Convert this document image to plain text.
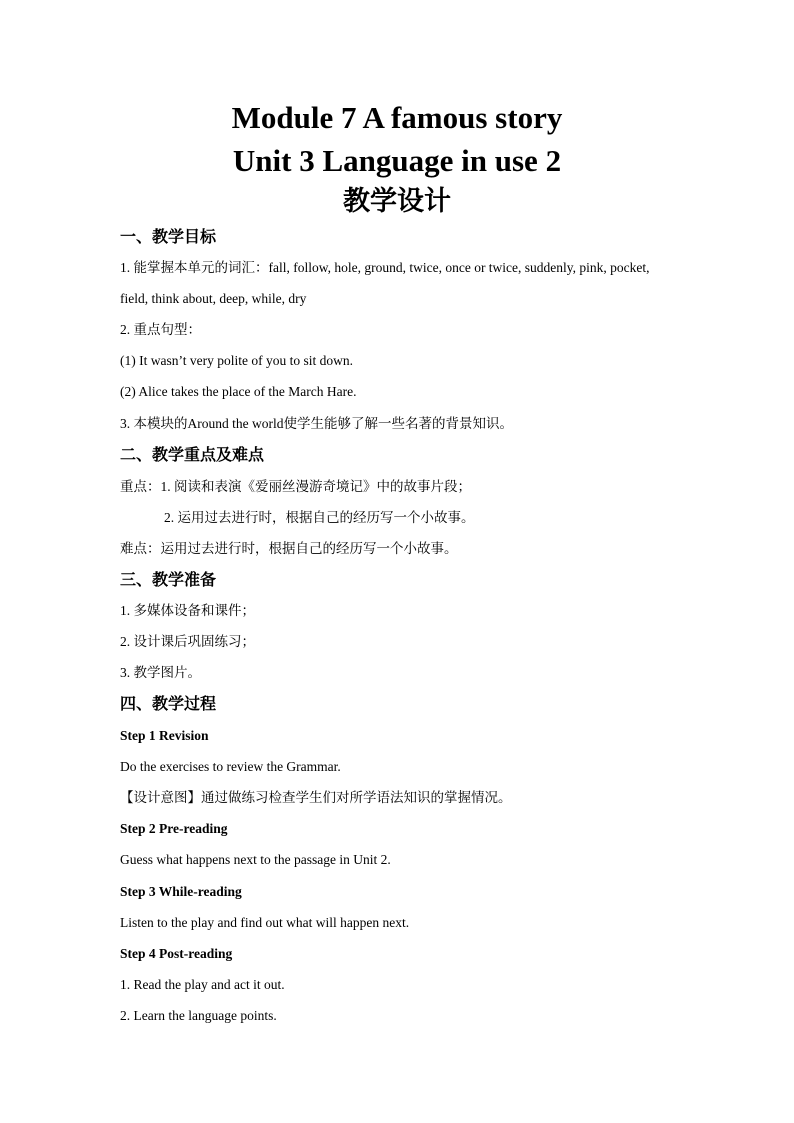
Module 7 A famous story
Unit 3 Language in use 2
教学设计
一、教学目标
1. 能掌握本单元的词汇：fall, follow, hole, ground, twice, once or twice, suddenly, pink, pocket,
field, think about, deep, while, dry
2. 重点句型：
(1) It wasn’t very polite of you to sit down.
(2) Alice takes the place of the March Hare.
3. 本模块的Around the world使学生能够了解一些名著的背景知识。
二、教学重点及难点
重点：1. 阅读和表演《爱丽丝漫游奇境记》中的故事片段；
2. 运用过去进行时，根据自己的经历写一个小故事。
难点：运用过去进行时，根据自己的经历写一个小故事。
三、教学准备
1. 多媒体设备和课件；
2. 设计课后巩固练习；
3. 教学图片。
四、教学过程
Step 1 Revision
Do the exercises to review the Grammar.
【设计意图】通过做练习检查学生们对所学语法知识的掌握情况。
Step 2 Pre-reading
Guess what happens next to the passage in Unit 2.
Step 3 While-reading
Listen to the play and find out what will happen next.
Step 4 Post-reading
1. Read the play and act it out.
2. Learn the language points.
